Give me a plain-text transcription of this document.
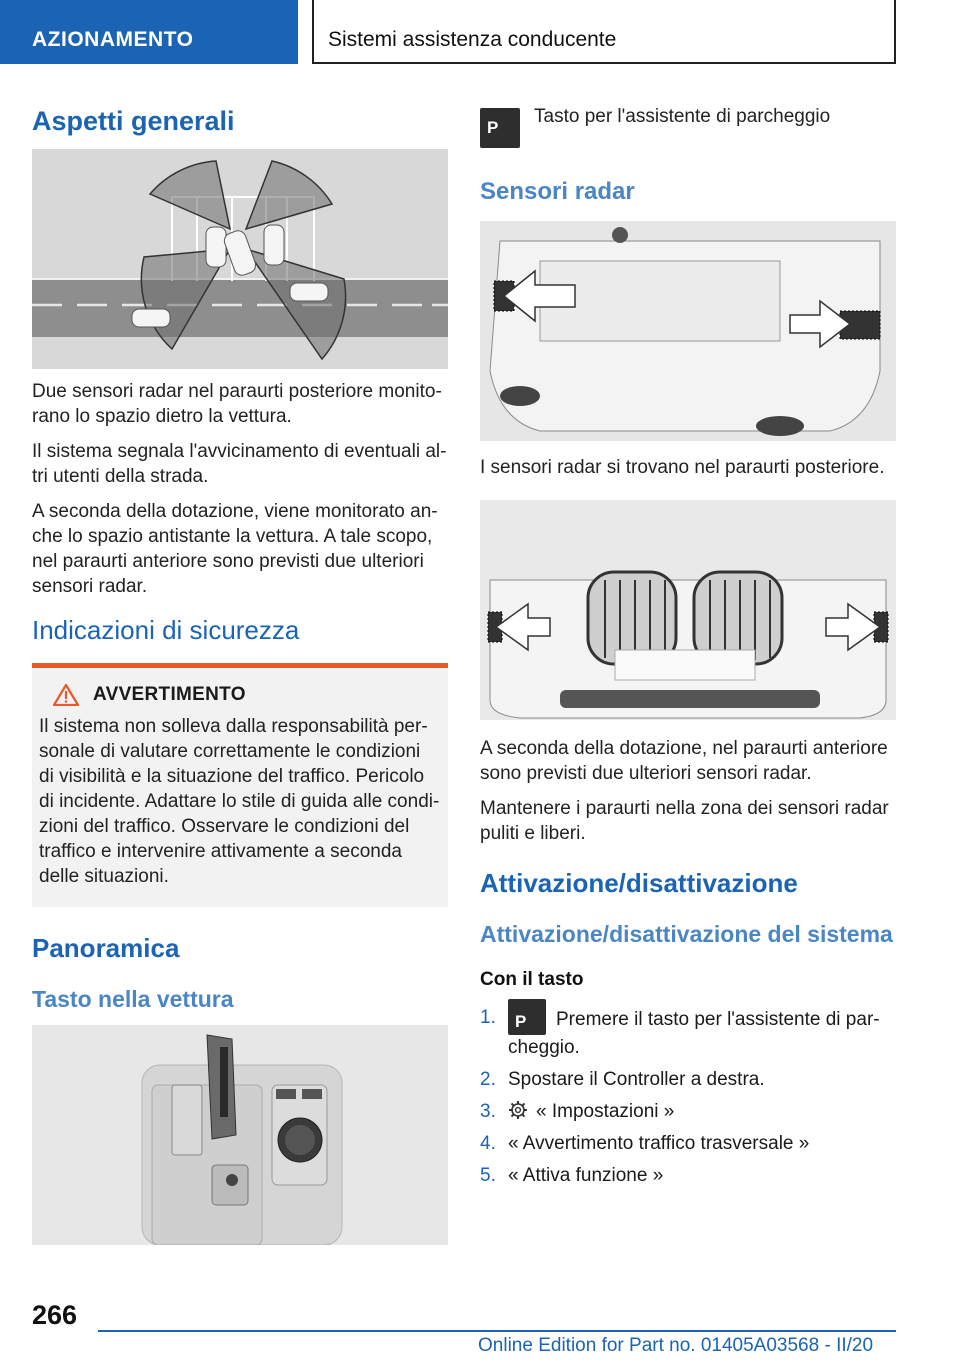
AZIONAMENTO	Sistemi assistenza conducente
Aspetti generali

Due sensori radar nel paraurti posteriore monitorano lo spazio dietro la vettura.

Il sistema segnala l'avvicinamento di eventuali altri utenti della strada.

A seconda della dotazione, viene monitorato anche lo spazio antistante la vettura. A tale scopo, nel paraurti anteriore sono previsti due ulteriori sensori radar.

Indicazioni di sicurezza
AVVERTIMENTO

Il sistema non solleva dalla responsabilità personale di valutare correttamente le condizioni di visibilità e la situazione del traffico. Pericolo di incidente. Adattare lo stile di guida alle condizioni del traffico. Osservare le condizioni del traffico e intervenire attivamente a seconda delle situazioni.

Panoramica
Tasto nella vettura
P

Tasto per l'assistente di parcheggio

Sensori radar

I sensori radar si trovano nel paraurti posteriore.

A seconda della dotazione, nel paraurti anteriore sono previsti due ulteriori sensori radar.

Mantenere i paraurti nella zona dei sensori radar puliti e liberi.

Attivazione/disattivazione
Attivazione/disattivazione del sistema
Con il tasto
1.	P Premere il tasto per l'assistente di parcheggio.
2. Spostare il Controller a destra.
3.	« Impostazioni »
4. « Avvertimento traffico trasversale »
5. « Attiva funzione »
266
Online Edition for Part no. 01405A03568 - II/20
